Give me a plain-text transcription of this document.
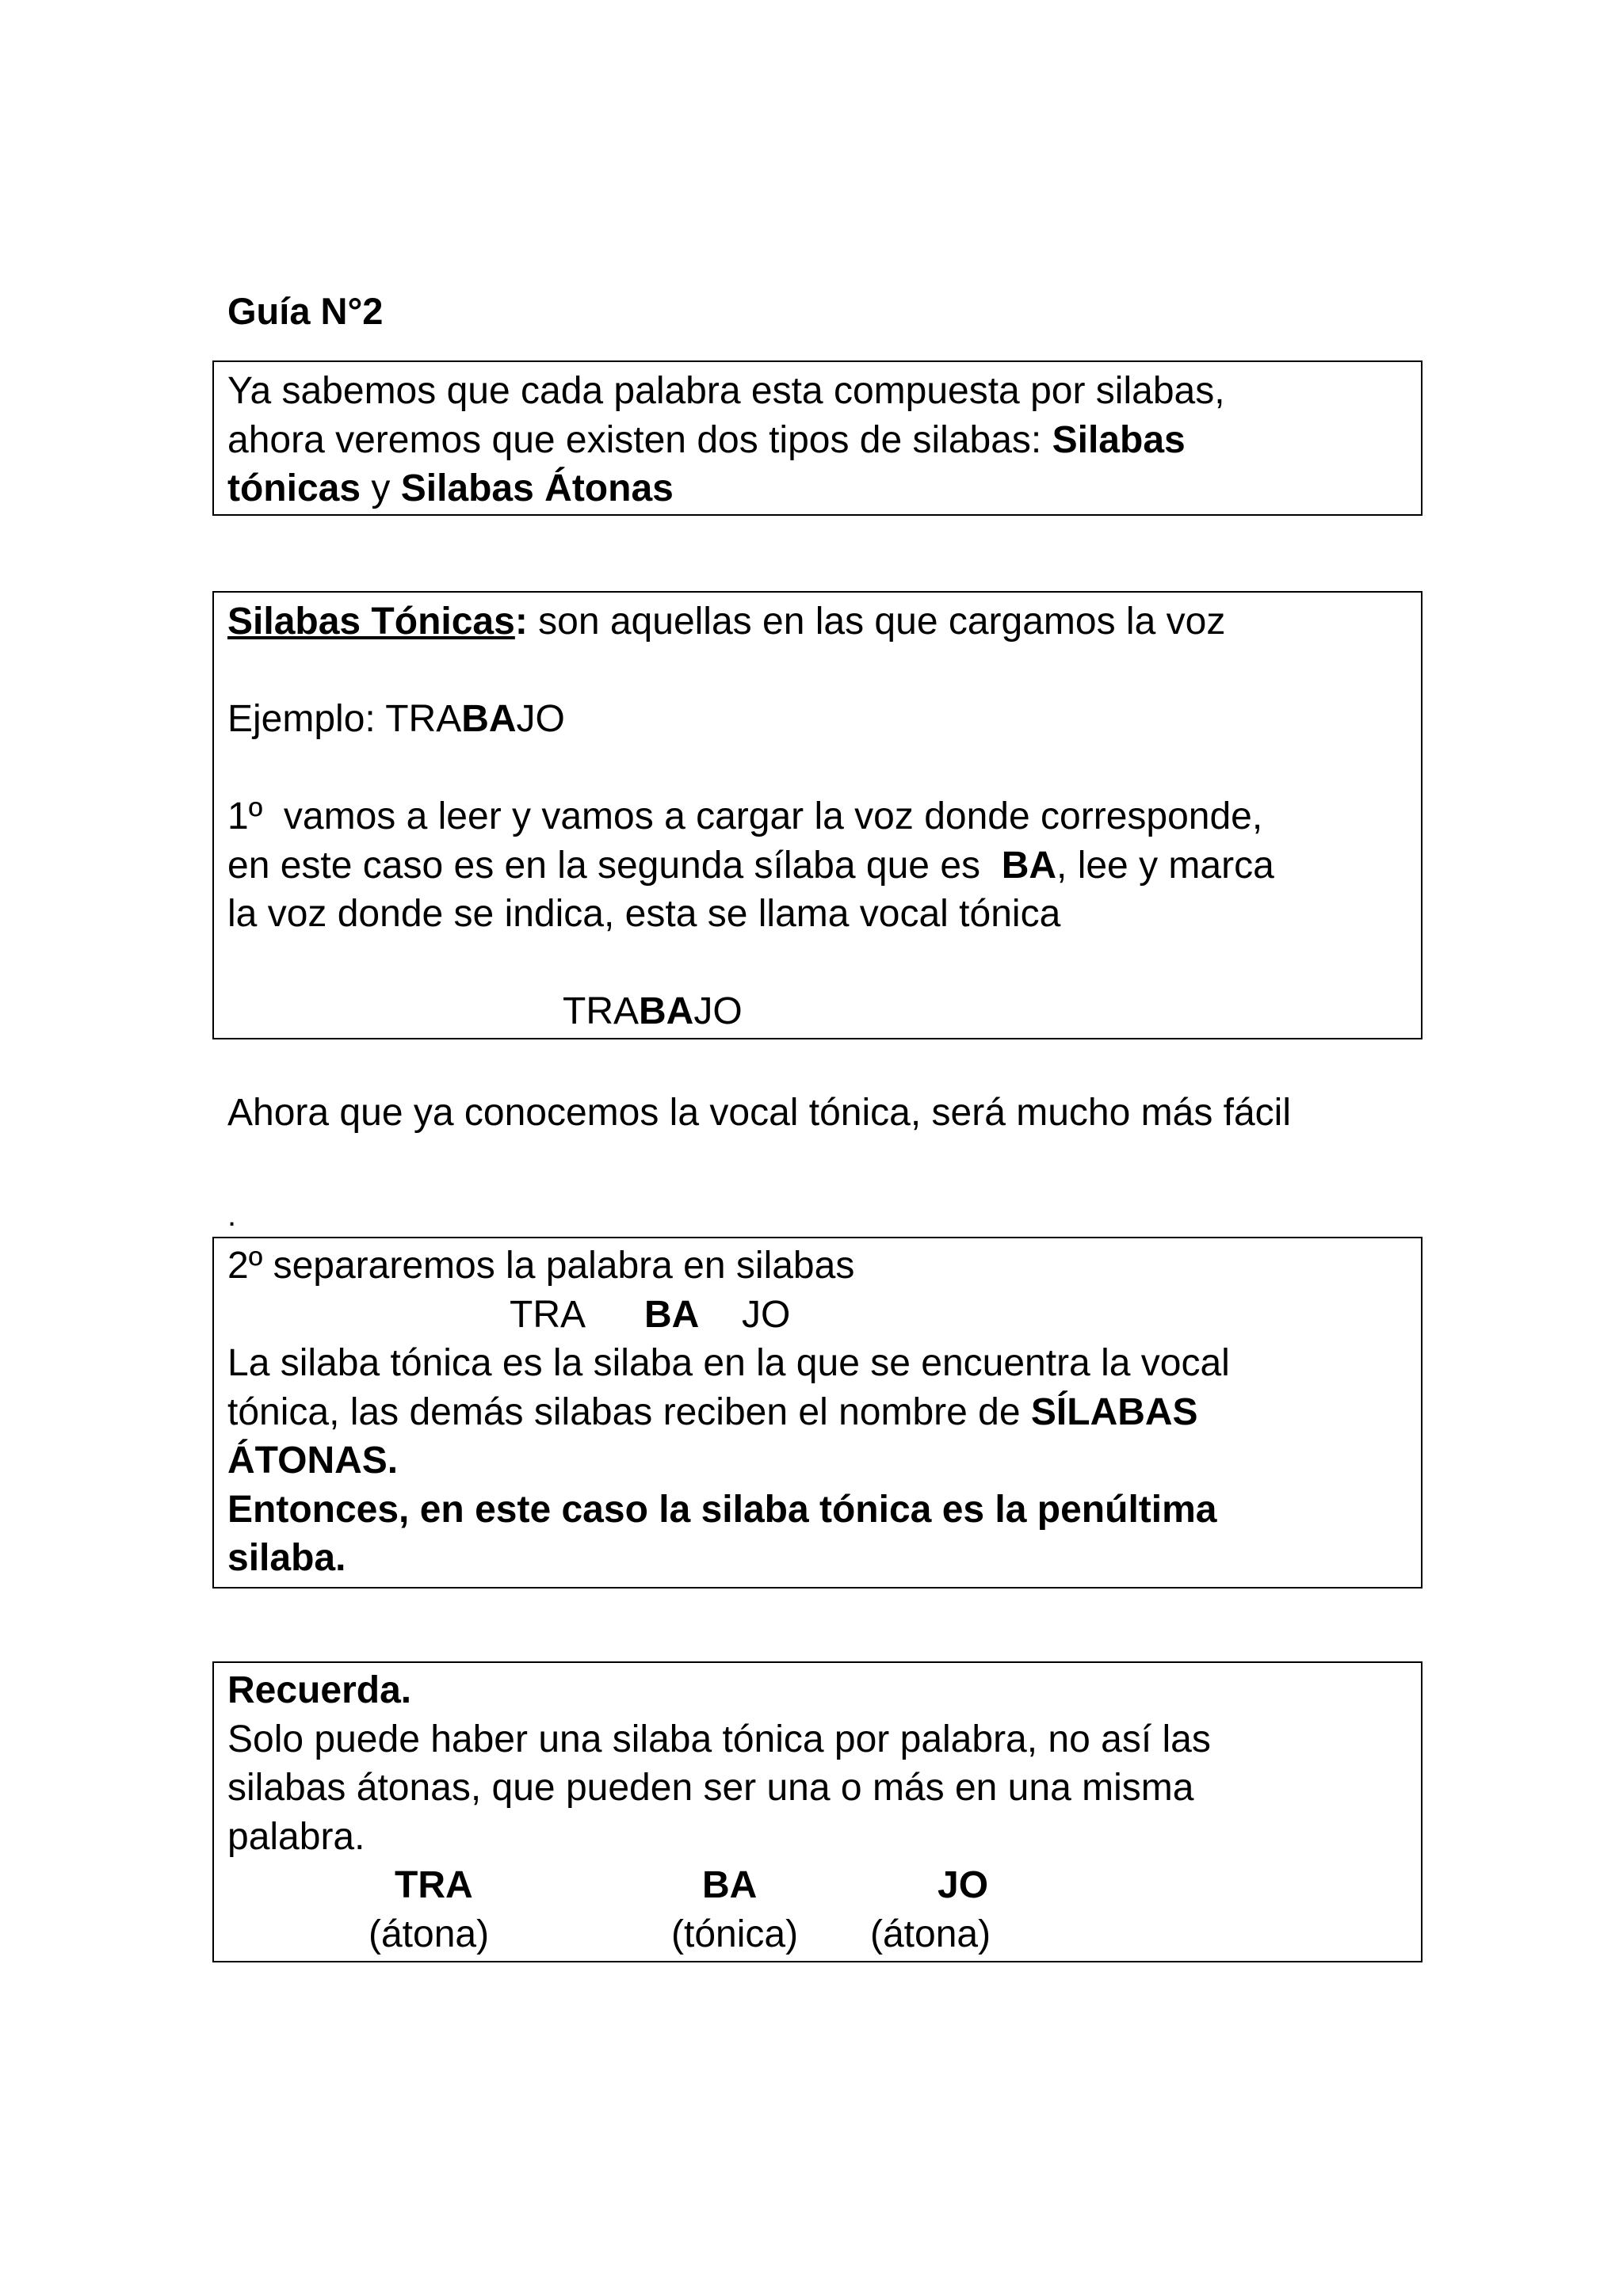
Guía N°2

Ya sabemos que cada palabra esta compuesta por silabas,

ahora veremos que existen dos tipos de silabas: Silabas

tónicas y Silabas Átonas

Silabas Tónicas: son aquellas en las que cargamos la voz

Ejemplo: TRABAJO

1º  vamos a leer y vamos a cargar la voz donde corresponde,

en este caso es en la segunda sílaba que es  BA, lee y marca

la voz donde se indica, esta se llama vocal tónica

TRABAJO

Ahora que ya conocemos la vocal tónica, será mucho más fácil

.

2º separaremos la palabra en silabas

TRA BA JO

La silaba tónica es la silaba en la que se encuentra la vocal

tónica, las demás silabas reciben el nombre de SÍLABAS

ÁTONAS.

Entonces, en este caso la silaba tónica es la penúltima

silaba.

Recuerda.

Solo puede haber una silaba tónica por palabra, no así las

silabas átonas, que pueden ser una o más en una misma

palabra.

TRA	BA	JO
(átona)	(tónica) (átona)
